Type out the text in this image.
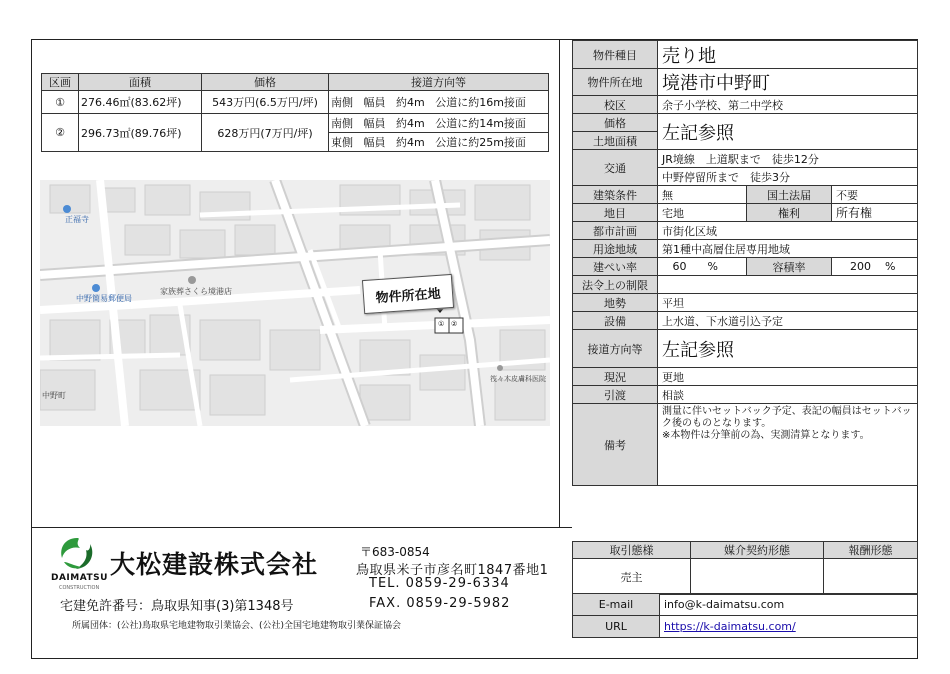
区画	面積	価格	接道方向等
①	276.46㎡(83.62坪)	543万円(6.5万円/坪)	南側 幅員 約4m 公道に約16m接面
②	296.73㎡(89.76坪)	628万円(7万円/坪)	南側 幅員 約4m 公道に約14m接面
			東側 幅員 約4m 公道に約25m接面
物件所在地
正福寺
中野簡易郵便局
家族葬さくら境港店
中野町
筏々木皮膚科医院
① ②
物件種目	売り地		
物件所在地	境港市中野町		
校区	余子小学校、第二中学校		
価格	左記参照		
土地面積			
交通	JR境線　上道駅まで　徒歩12分		
	中野停留所まで　徒歩3分		
建築条件	無	国土法届	不要
地目	宅地	権利	所有権
都市計画	市街化区域		
用途地域	第1種中高層住居専用地域		
建ぺい率	60 %	容積率	200 %
法令上の制限			
地勢	平坦		
設備	上水道、下水道引込予定		
接道方向等	左記参照		
現況	更地		
引渡	相談		
備考	測量に伴いセットバック予定、表記の幅員はセットバッ
ク後のものとなります。
※本物件は分筆前の為、実測清算となります。		
DAIMATSU
CONSTRUCTION
大松建設株式会社
宅建免許番号：鳥取県知事(3)第1348号
〒683-0854
鳥取県米子市彦名町1847番地1
TEL. 0859-29-6334
FAX. 0859-29-5982
所属団体：(公社)鳥取県宅地建物取引業協会、(公社)全国宅地建物取引業保証協会
取引態様	媒介契約形態	報酬形態
売主		
E-mail	info@k-daimatsu.com
URL	https://k-daimatsu.com/
